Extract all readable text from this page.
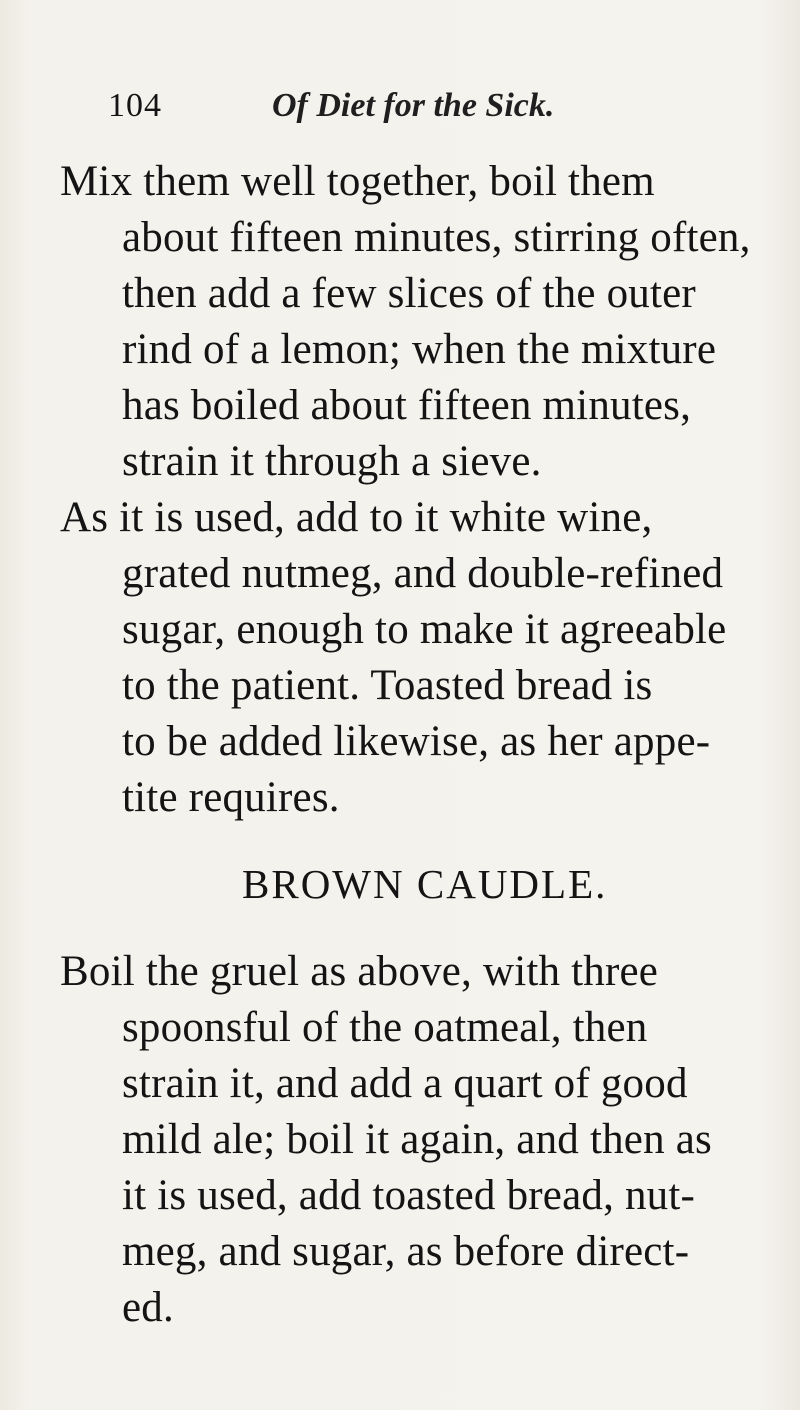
104	Of Diet for the Sick.
Mix them well together, boil them
about fifteen minutes, stirring often,
then add a few slices of the outer
rind of a lemon; when the mixture
has boiled about fifteen minutes,
strain it through a sieve.
As it is used, add to it white wine,
grated nutmeg, and double-refined
sugar, enough to make it agreeable
to the patient. Toasted bread is
to be added likewise, as her appe-
tite requires.
BROWN CAUDLE.
Boil the gruel as above, with three
spoonsful of the oatmeal, then
strain it, and add a quart of good
mild ale; boil it again, and then as
it is used, add toasted bread, nut-
meg, and sugar, as before direct-
ed.
